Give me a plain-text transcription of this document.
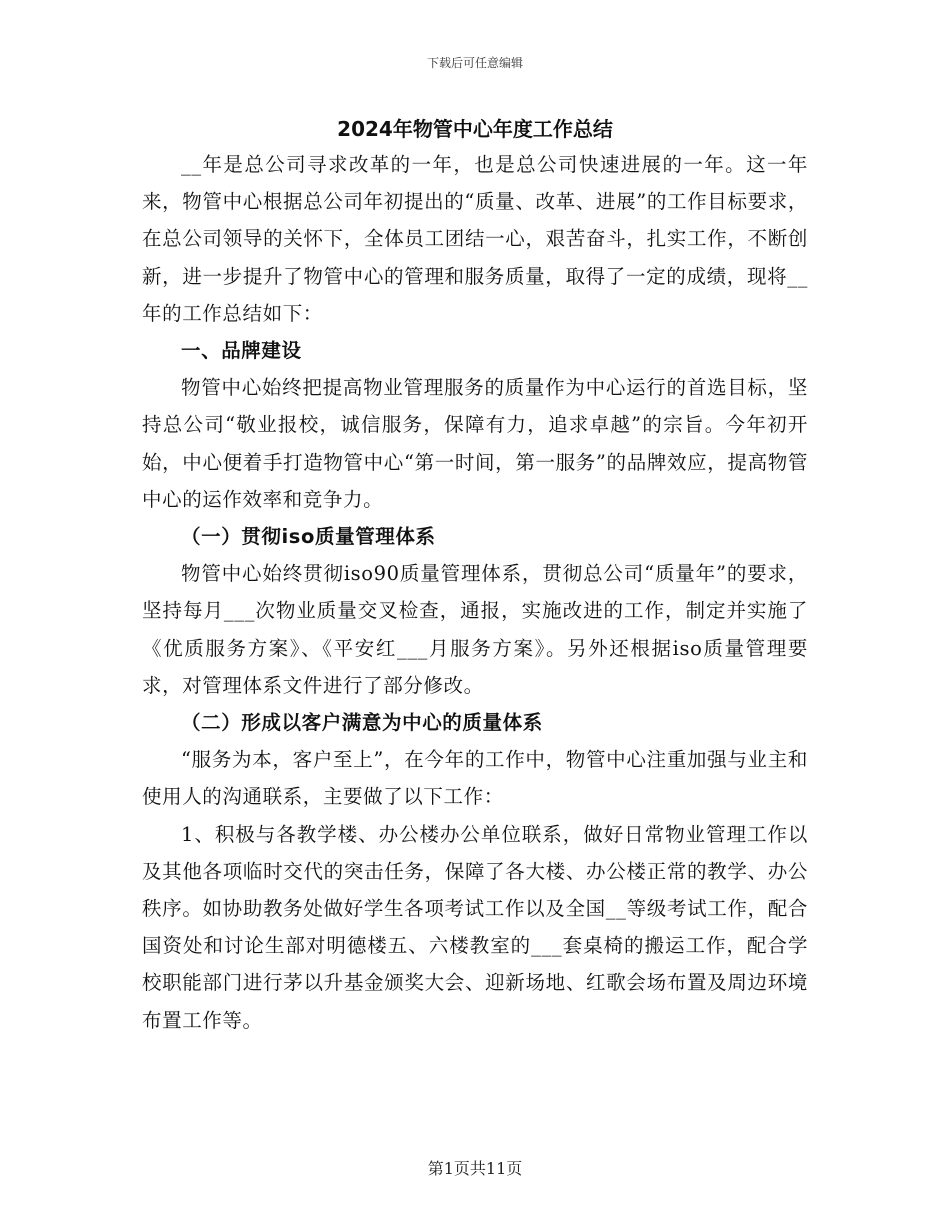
下载后可任意编辑
2024年物管中心年度工作总结

__年是总公司寻求改革的一年，也是总公司快速进展的一年。这一年来，物管中心根据总公司年初提出的“质量、改革、进展”的工作目标要求，在总公司领导的关怀下，全体员工团结一心，艰苦奋斗，扎实工作，不断创新，进一步提升了物管中心的管理和服务质量，取得了一定的成绩，现将__年的工作总结如下：

一、品牌建设

物管中心始终把提高物业管理服务的质量作为中心运行的首选目标，坚持总公司“敬业报校，诚信服务，保障有力，追求卓越”的宗旨。今年初开始，中心便着手打造物管中心“第一时间，第一服务”的品牌效应，提高物管中心的运作效率和竞争力。

（一）贯彻iso质量管理体系

物管中心始终贯彻iso90质量管理体系，贯彻总公司“质量年”的要求，坚持每月___次物业质量交叉检查，通报，实施改进的工作，制定并实施了《优质服务方案》、《平安红___月服务方案》。另外还根据iso质量管理要求，对管理体系文件进行了部分修改。

（二）形成以客户满意为中心的质量体系

“服务为本，客户至上”，在今年的工作中，物管中心注重加强与业主和使用人的沟通联系，主要做了以下工作：

1、积极与各教学楼、办公楼办公单位联系，做好日常物业管理工作以及其他各项临时交代的突击任务，保障了各大楼、办公楼正常的教学、办公秩序。如协助教务处做好学生各项考试工作以及全国__等级考试工作，配合国资处和讨论生部对明德楼五、六楼教室的___套桌椅的搬运工作，配合学校职能部门进行茅以升基金颁奖大会、迎新场地、红歌会场布置及周边环境布置工作等。

第1页共11页
